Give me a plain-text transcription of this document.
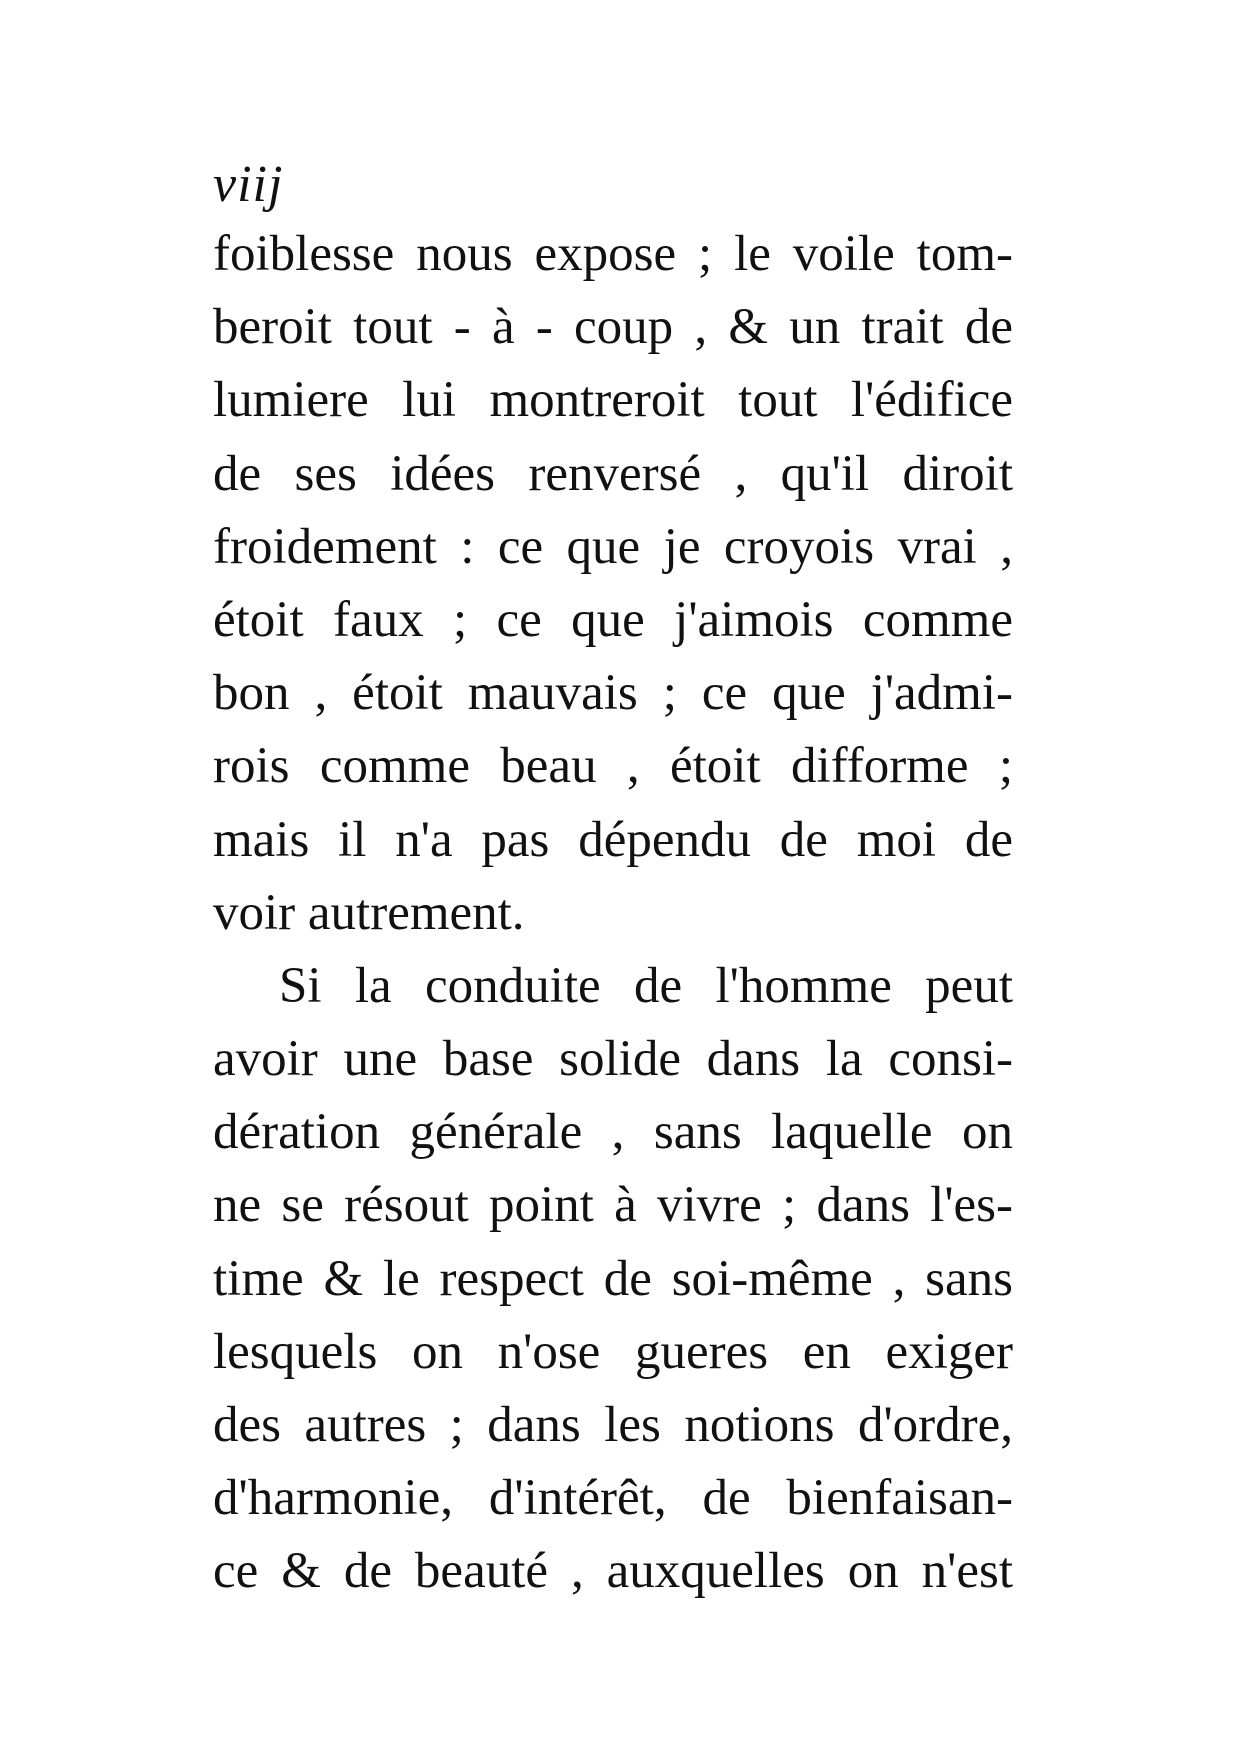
viij
foiblesse nous expose ; le voile tom-
beroit tout - à - coup , & un trait de
lumiere lui montreroit tout l'édifice
de ses idées renversé , qu'il diroit
froidement : ce que je croyois vrai ,
étoit faux ; ce que j'aimois comme
bon , étoit mauvais ; ce que j'admi-
rois comme beau , étoit difforme ;
mais il n'a pas dépendu de moi de
voir autrement.
Si la conduite de l'homme peut
avoir une base solide dans la consi-
dération générale , sans laquelle on
ne se résout point à vivre ; dans l'es-
time & le respect de soi-même , sans
lesquels on n'ose gueres en exiger
des autres ; dans les notions d'ordre,
d'harmonie, d'intérêt, de bienfaisan-
ce & de beauté , auxquelles on n'est
